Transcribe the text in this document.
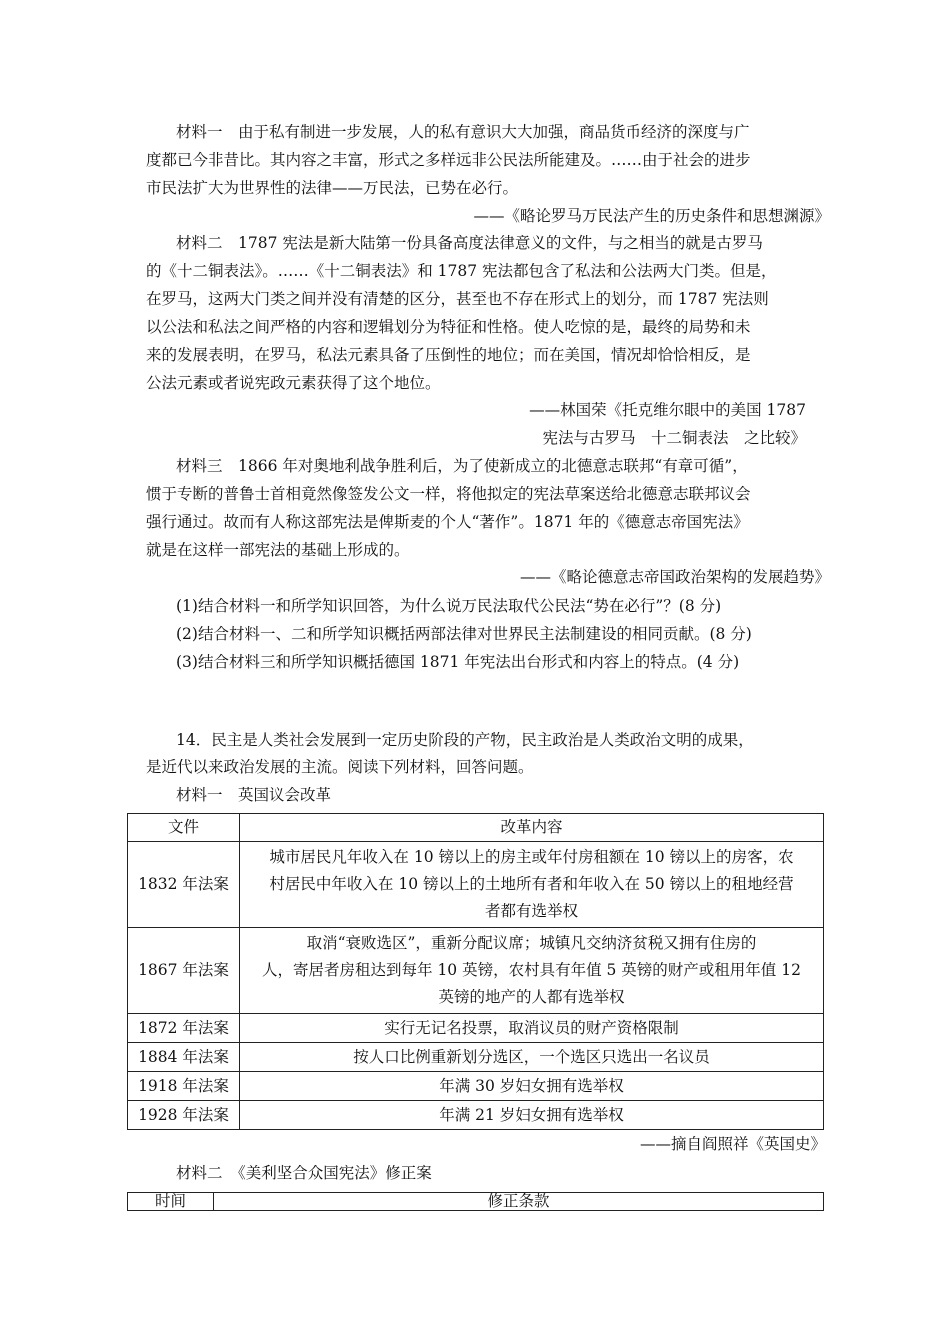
材料一　由于私有制进一步发展，人的私有意识大大加强，商品货币经济的深度与广
度都已今非昔比。其内容之丰富，形式之多样远非公民法所能建及。……由于社会的进步
市民法扩大为世界性的法律——万民法，已势在必行。
——《略论罗马万民法产生的历史条件和思想渊源》
材料二　1787 宪法是新大陆第一份具备高度法律意义的文件，与之相当的就是古罗马
的《十二铜表法》。……《十二铜表法》和 1787 宪法都包含了私法和公法两大门类。但是，
在罗马，这两大门类之间并没有清楚的区分，甚至也不存在形式上的划分，而 1787 宪法则
以公法和私法之间严格的内容和逻辑划分为特征和性格。使人吃惊的是，最终的局势和未
来的发展表明，在罗马，私法元素具备了压倒性的地位；而在美国，情况却恰恰相反，是
公法元素或者说宪政元素获得了这个地位。
——林国荣《托克维尔眼中的美国 1787
宪法与古罗马　十二铜表法　之比较》
材料三　1866 年对奥地利战争胜利后，为了使新成立的北德意志联邦“有章可循”，
惯于专断的普鲁士首相竟然像签发公文一样，将他拟定的宪法草案送给北德意志联邦议会
强行通过。故而有人称这部宪法是俾斯麦的个人“著作”。1871 年的《德意志帝国宪法》
就是在这样一部宪法的基础上形成的。
——《略论德意志帝国政治架构的发展趋势》
(1)结合材料一和所学知识回答，为什么说万民法取代公民法“势在必行”？(8 分)
(2)结合材料一、二和所学知识概括两部法律对世界民主法制建设的相同贡献。(8 分)
(3)结合材料三和所学知识概括德国 1871 年宪法出台形式和内容上的特点。(4 分)
14．民主是人类社会发展到一定历史阶段的产物，民主政治是人类政治文明的成果，
是近代以来政治发展的主流。阅读下列材料，回答问题。
材料一　英国议会改革
文件	改革内容
1832 年法案	城市居民凡年收入在 10 镑以上的房主或年付房租额在 10 镑以上的房客，农
村居民中年收入在 10 镑以上的土地所有者和年收入在 50 镑以上的租地经营
者都有选举权

1867 年法案	取消“衰败选区”，重新分配议席；城镇凡交纳济贫税又拥有住房的
人，寄居者房租达到每年 10 英镑，农村具有年值 5 英镑的财产或租用年值 12
英镑的地产的人都有选举权

1872 年法案	实行无记名投票，取消议员的财产资格限制
1884 年法案	按人口比例重新划分选区，一个选区只选出一名议员
1918 年法案	年满 30 岁妇女拥有选举权
1928 年法案	年满 21 岁妇女拥有选举权
——摘自阎照祥《英国史》
材料二　《美利坚合众国宪法》修正案
时间	修正条款
